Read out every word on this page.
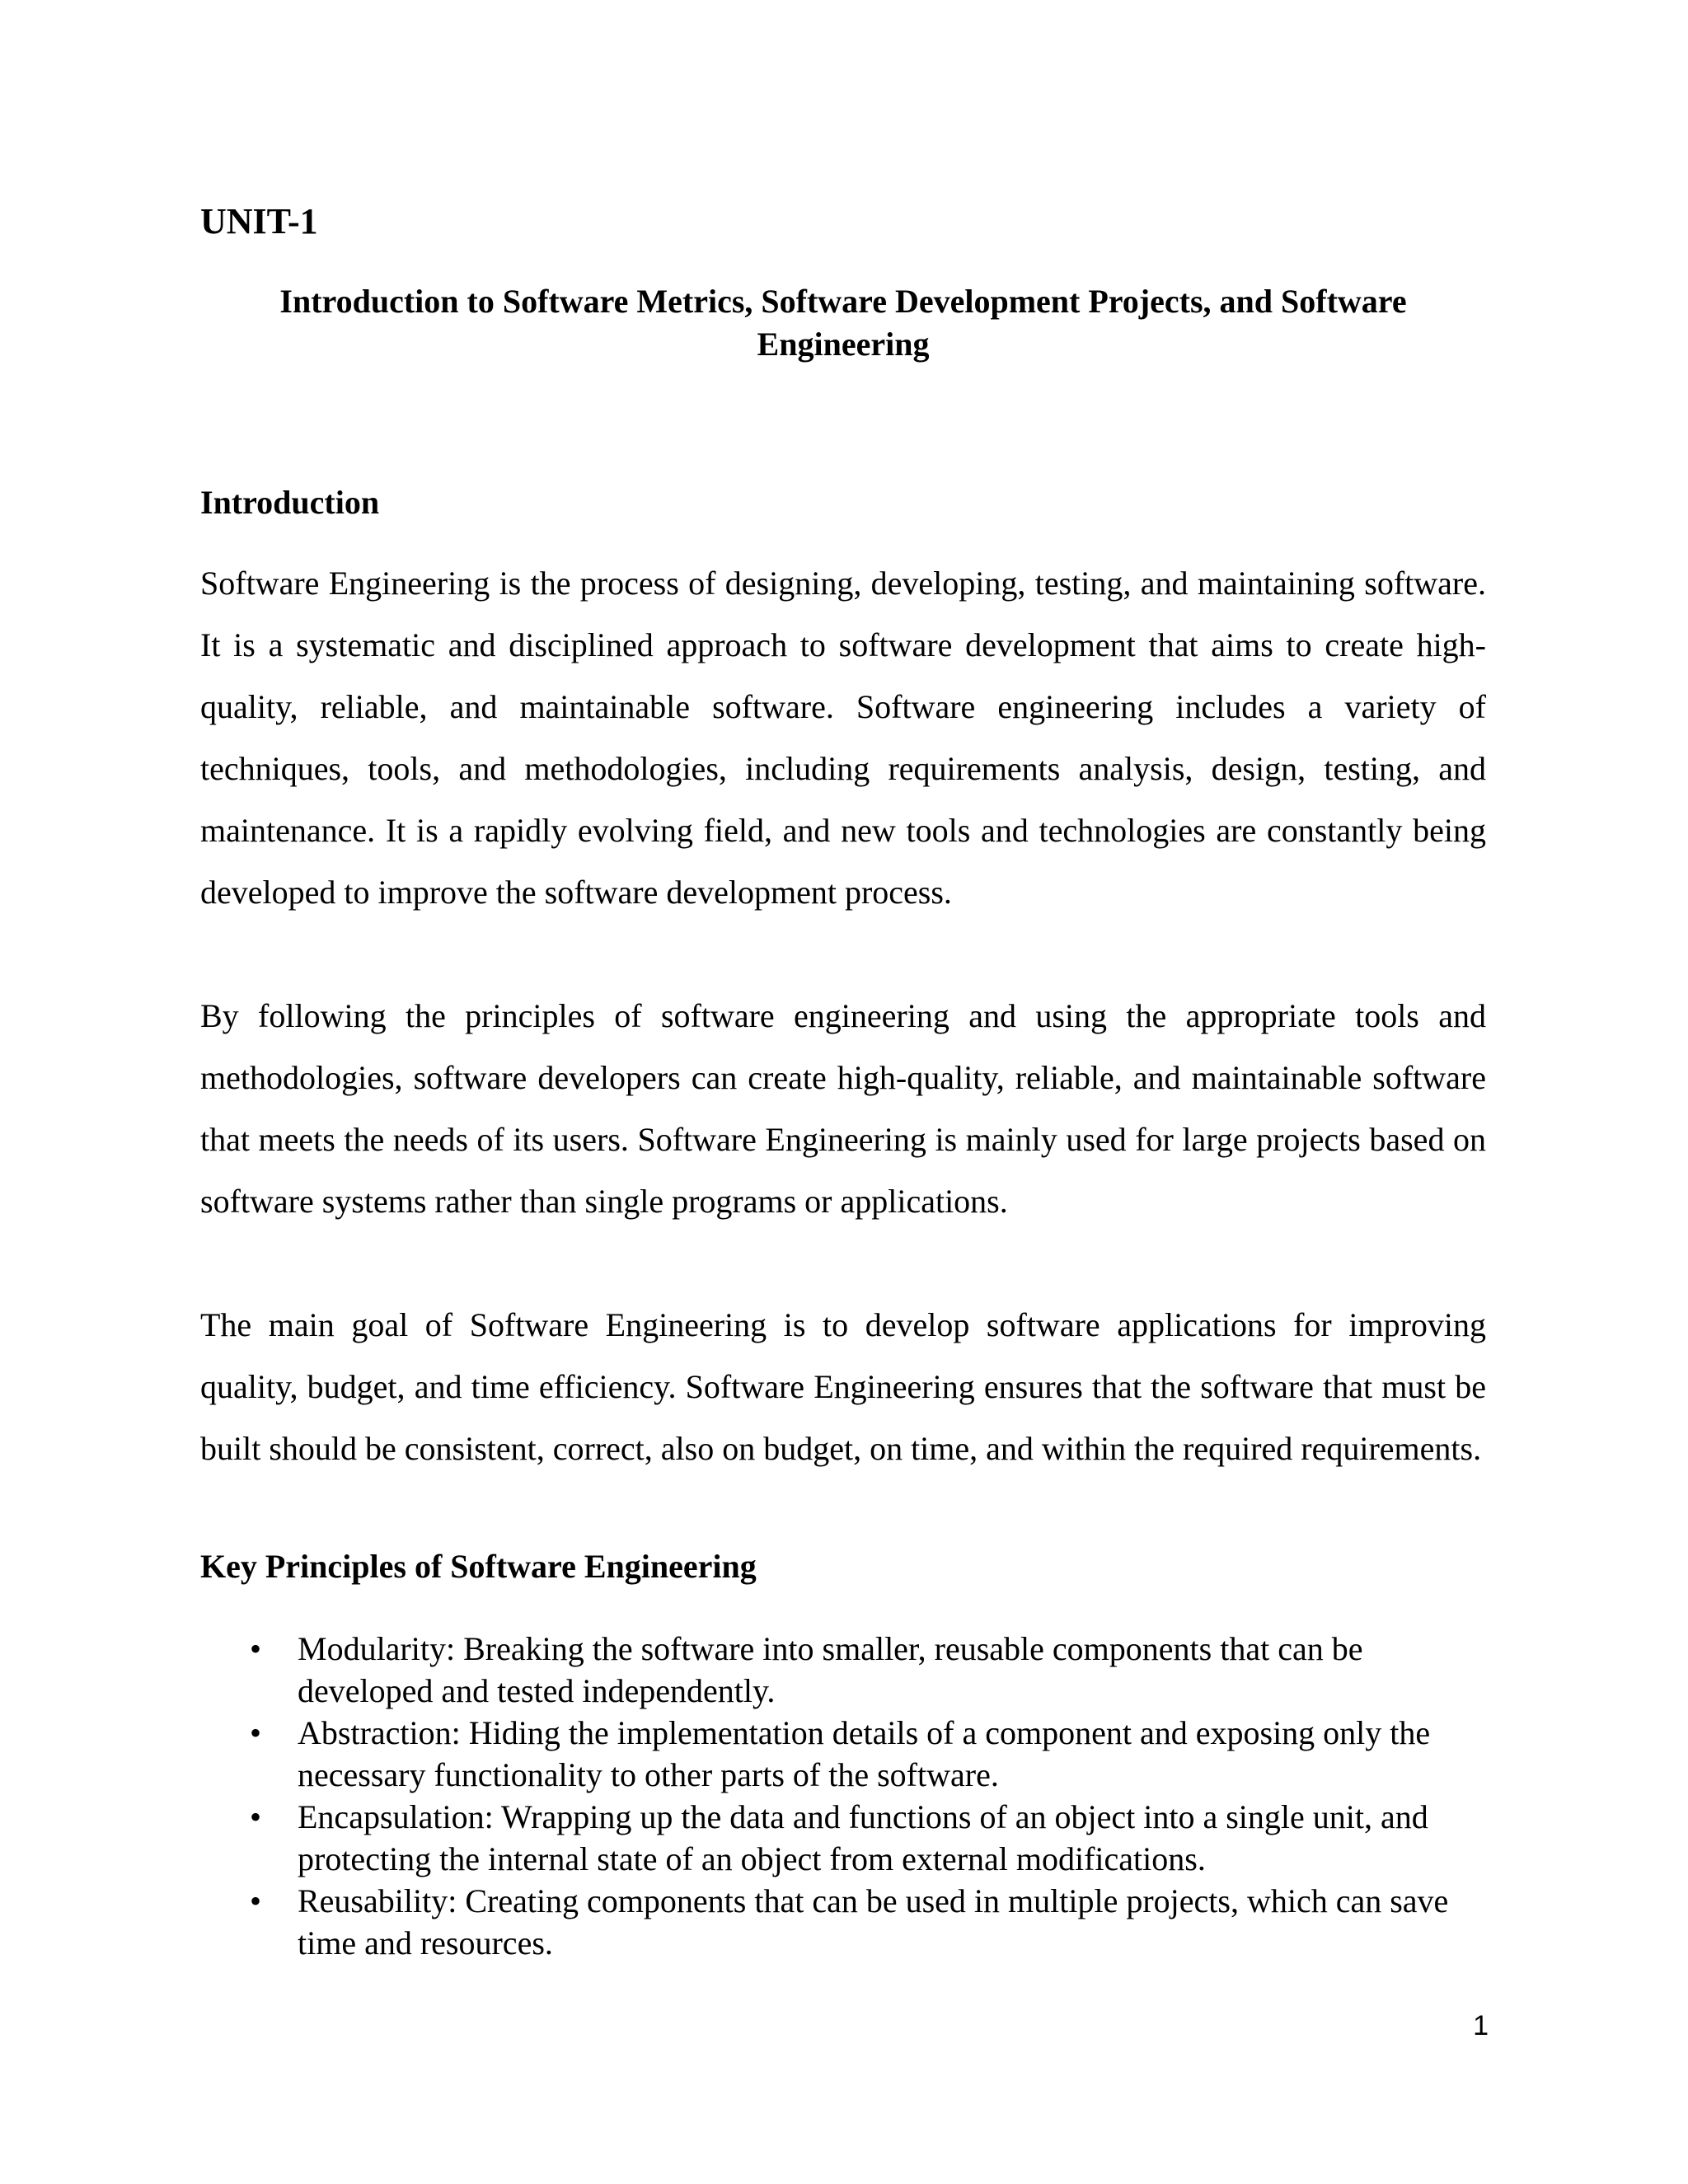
UNIT-1
Introduction to Software Metrics, Software Development Projects, and Software Engineering
Introduction

Software Engineering is the process of designing, developing, testing, and maintaining software. It is a systematic and disciplined approach to software development that aims to create high-quality, reliable, and maintainable software. Software engineering includes a variety of techniques, tools, and methodologies, including requirements analysis, design, testing, and maintenance. It is a rapidly evolving field, and new tools and technologies are constantly being developed to improve the software development process.

By following the principles of software engineering and using the appropriate tools and methodologies, software developers can create high-quality, reliable, and maintainable software that meets the needs of its users. Software Engineering is mainly used for large projects based on software systems rather than single programs or applications.

The main goal of Software Engineering is to develop software applications for improving quality, budget, and time efficiency. Software Engineering ensures that the software that must be built should be consistent, correct, also on budget, on time, and within the required requirements.

Key Principles of Software Engineering
• Modularity: Breaking the software into smaller, reusable components that can be developed and tested independently.
• Abstraction: Hiding the implementation details of a component and exposing only the necessary functionality to other parts of the software.
• Encapsulation: Wrapping up the data and functions of an object into a single unit, and protecting the internal state of an object from external modifications.
• Reusability: Creating components that can be used in multiple projects, which can save time and resources.
1
